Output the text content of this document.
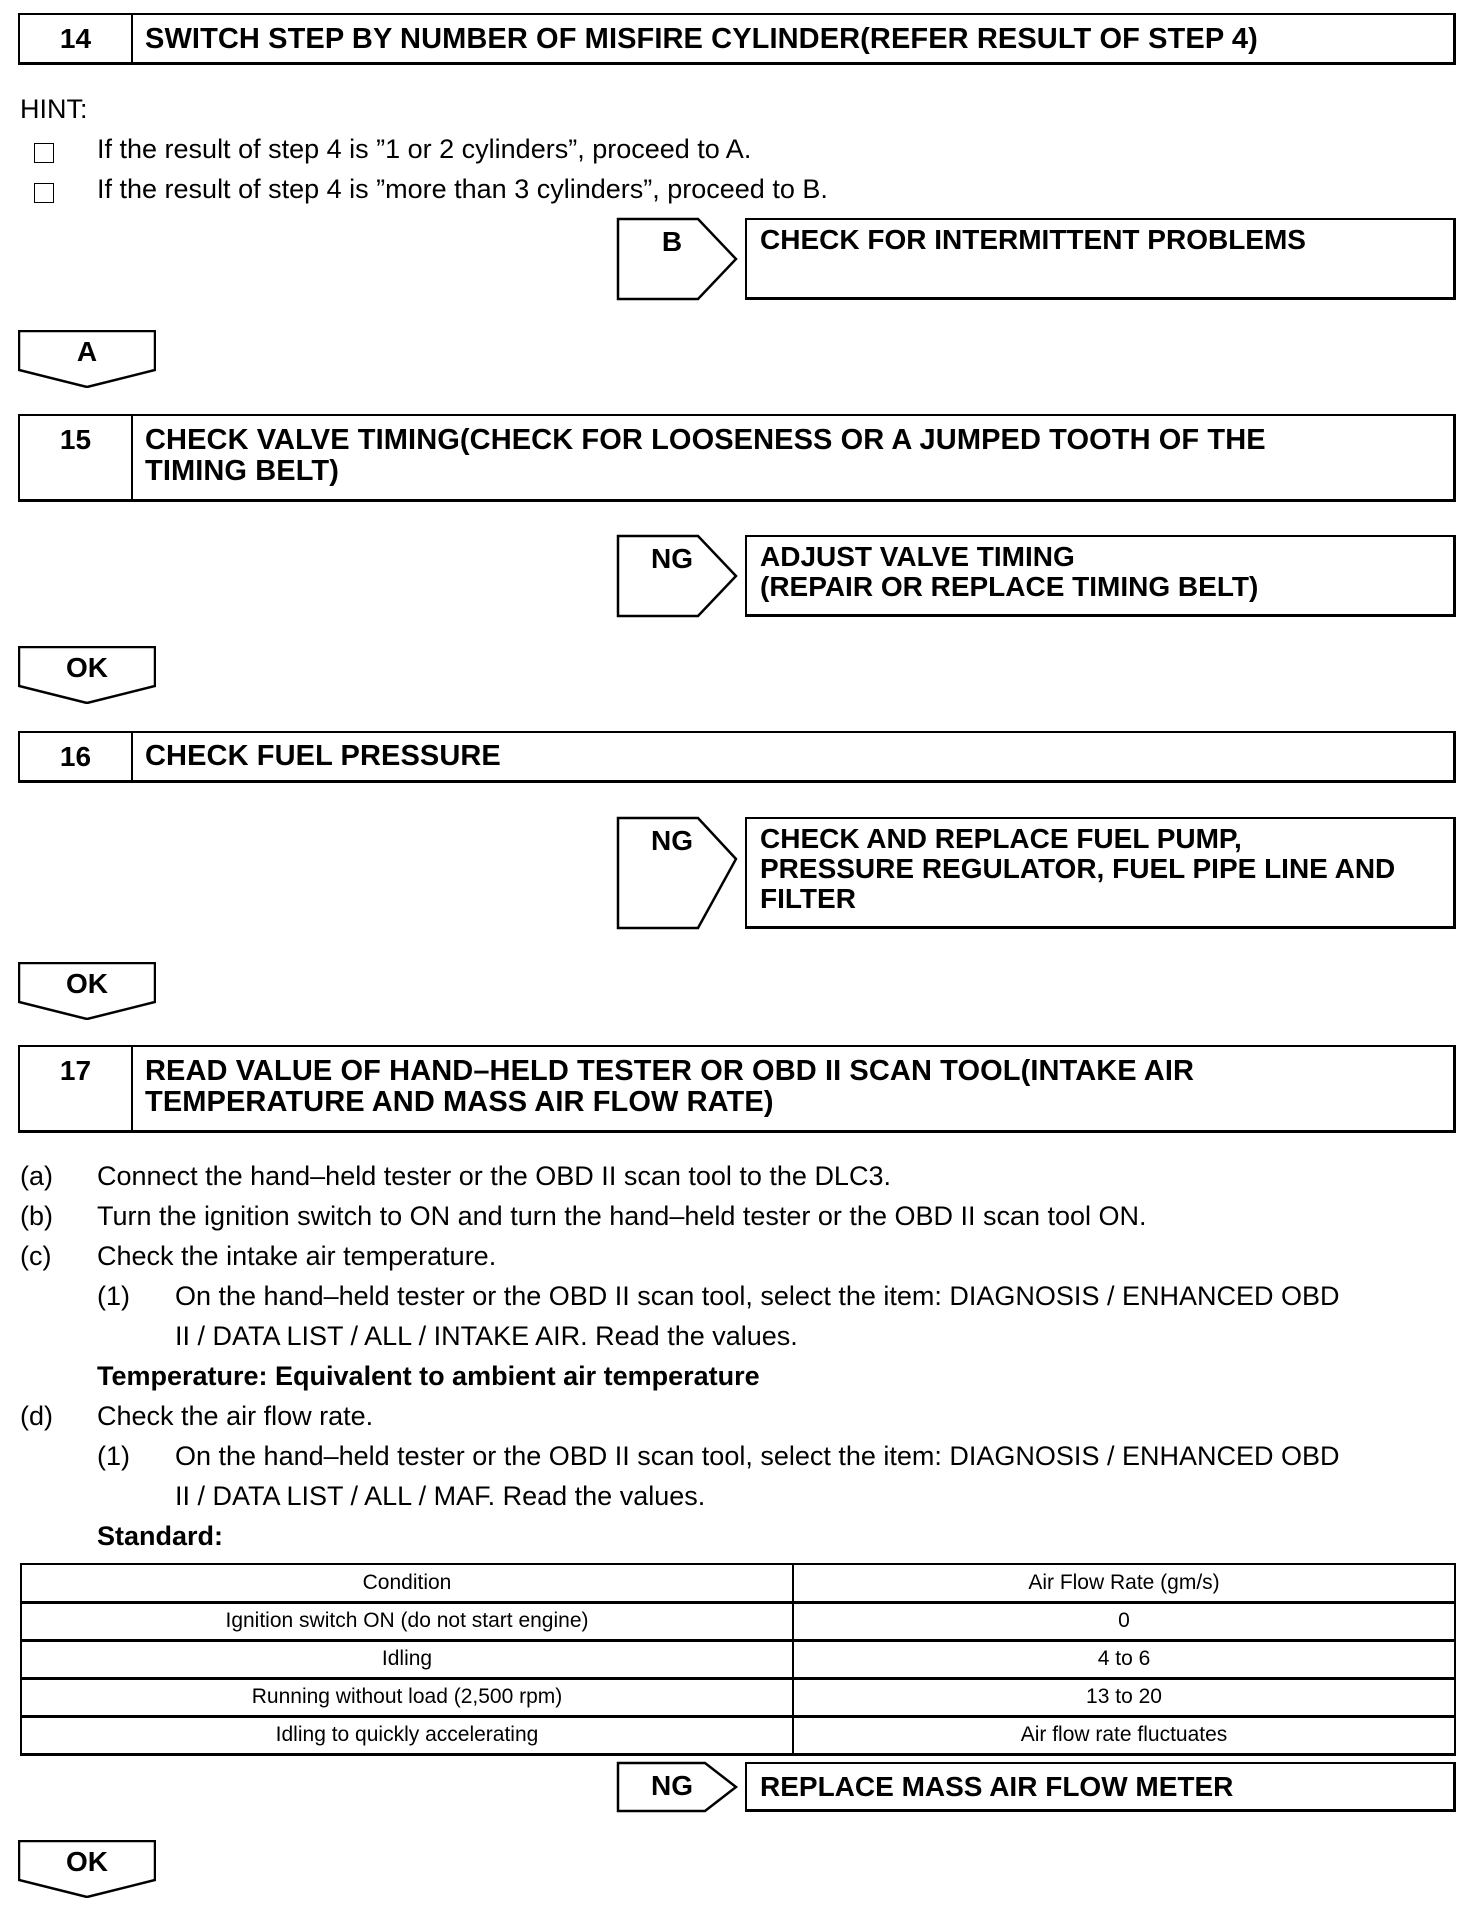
14	SWITCH STEP BY NUMBER OF MISFIRE CYLINDER(REFER RESULT OF STEP 4)
HINT:
If the result of step 4 is ”1 or 2 cylinders”, proceed to A.
If the result of step 4 is ”more than 3 cylinders”, proceed to B.
B	CHECK FOR INTERMITTENT PROBLEMS
A
15	CHECK VALVE TIMING(CHECK FOR LOOSENESS OR A JUMPED TOOTH OF THE
TIMING BELT)
NG	ADJUST VALVE TIMING
(REPAIR OR REPLACE TIMING BELT)
OK
16	CHECK FUEL PRESSURE
NG	CHECK AND REPLACE FUEL PUMP,
PRESSURE REGULATOR, FUEL PIPE LINE AND
FILTER
OK
17	READ VALUE OF HAND–HELD TESTER OR OBD II SCAN TOOL(INTAKE AIR
TEMPERATURE AND MASS AIR FLOW RATE)
(a) Connect the hand–held tester or the OBD II scan tool to the DLC3.
(b) Turn the ignition switch to ON and turn the hand–held tester or the OBD II scan tool ON.
(c) Check the intake air temperature.
(1) On the hand–held tester or the OBD II scan tool, select the item: DIAGNOSIS / ENHANCED OBD
II / DATA LIST / ALL / INTAKE AIR. Read the values.
Temperature: Equivalent to ambient air temperature
(d) Check the air flow rate.
(1) On the hand–held tester or the OBD II scan tool, select the item: DIAGNOSIS / ENHANCED OBD
II / DATA LIST / ALL / MAF. Read the values.
Standard:
Condition	Air Flow Rate (gm/s)
Ignition switch ON (do not start engine)	0
Idling	4 to 6
Running without load (2,500 rpm)	13 to 20
Idling to quickly accelerating	Air flow rate fluctuates
NG	REPLACE MASS AIR FLOW METER
OK
